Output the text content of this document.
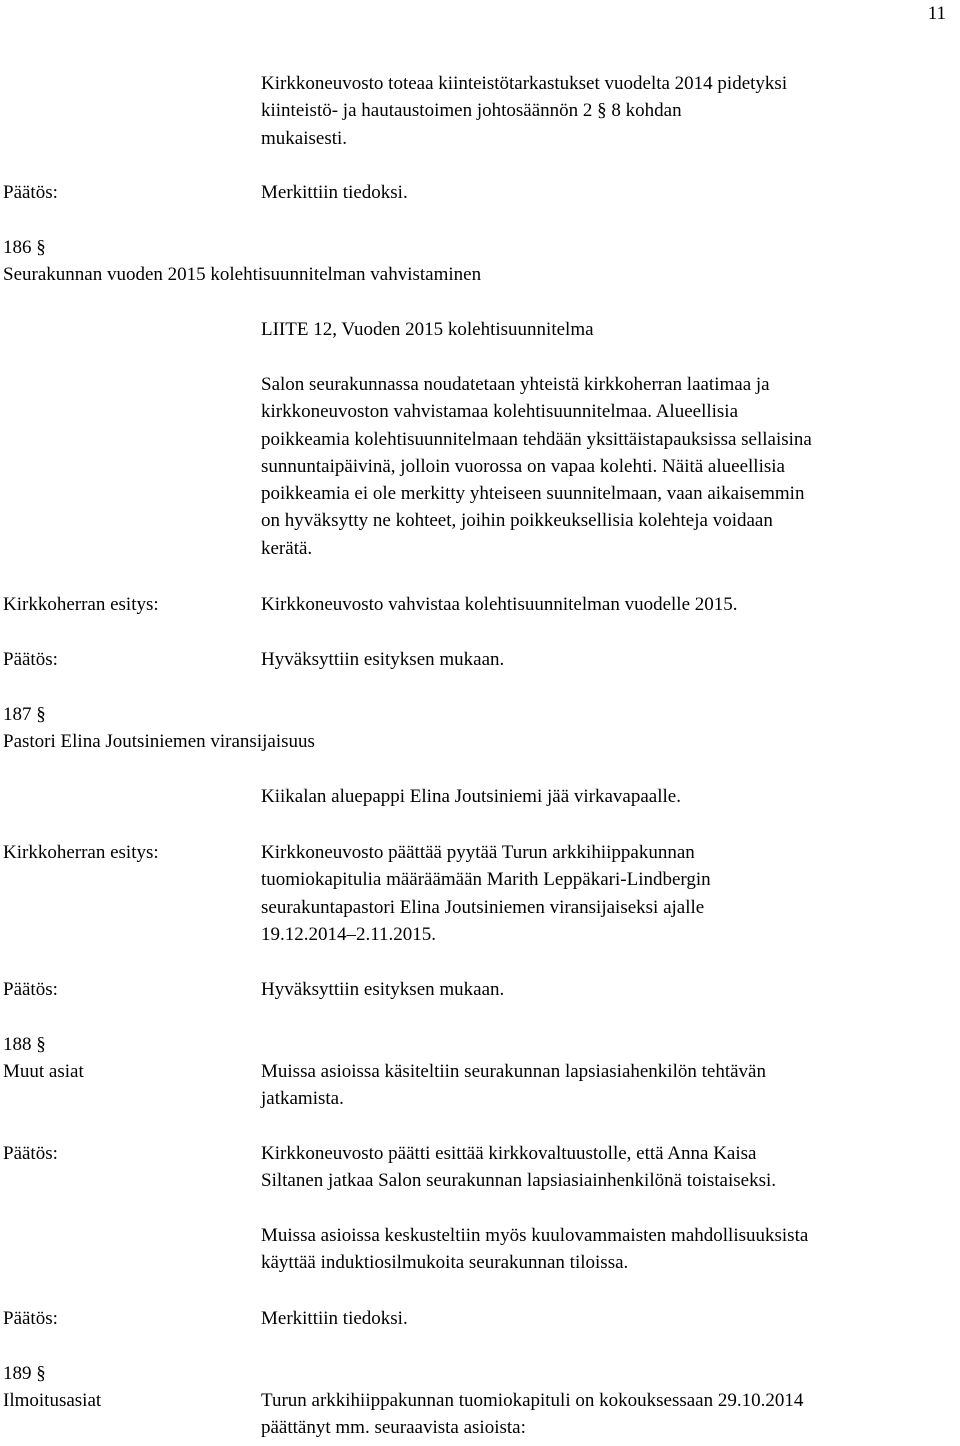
11
Kirkkoneuvosto toteaa kiinteistötarkastukset vuodelta 2014 pidetyksi
kiinteistö- ja hautaustoimen johtosäännön 2 § 8 kohdan
mukaisesti.
Päätös:	Merkittiin tiedoksi.
186 §
Seurakunnan vuoden 2015 kolehtisuunnitelman vahvistaminen
LIITE 12, Vuoden 2015 kolehtisuunnitelma
Salon seurakunnassa noudatetaan yhteistä kirkkoherran laatimaa ja
kirkkoneuvoston vahvistamaa kolehtisuunnitelmaa. Alueellisia
poikkeamia kolehtisuunnitelmaan tehdään yksittäistapauksissa sellaisina
sunnuntaipäivinä, jolloin vuorossa on vapaa kolehti. Näitä alueellisia
poikkeamia ei ole merkitty yhteiseen suunnitelmaan, vaan aikaisemmin
on hyväksytty ne kohteet, joihin poikkeuksellisia kolehteja voidaan
kerätä.
Kirkkoherran esitys:	Kirkkoneuvosto vahvistaa kolehtisuunnitelman vuodelle 2015.
Päätös:	Hyväksyttiin esityksen mukaan.
187 §
Pastori Elina Joutsiniemen viransijaisuus
Kiikalan aluepappi Elina Joutsiniemi jää virkavapaalle.
Kirkkoherran esitys:	Kirkkoneuvosto päättää pyytää Turun arkkihiippakunnan
tuomiokapitulia määräämään Marith Leppäkari-Lindbergin
seurakuntapastori Elina Joutsiniemen viransijaiseksi ajalle
19.12.2014–2.11.2015.
Päätös:	Hyväksyttiin esityksen mukaan.
188 §
Muut asiat	Muissa asioissa käsiteltiin seurakunnan lapsiasiahenkilön tehtävän
jatkamista.
Päätös:	Kirkkoneuvosto päätti esittää kirkkovaltuustolle, että Anna Kaisa
Siltanen jatkaa Salon seurakunnan lapsiasiainhenkilönä toistaiseksi.
Muissa asioissa keskusteltiin myös kuulovammaisten mahdollisuuksista
käyttää induktiosilmukoita seurakunnan tiloissa.
Päätös:	Merkittiin tiedoksi.
189 §
Ilmoitusasiat	Turun arkkihiippakunnan tuomiokapituli on kokouksessaan 29.10.2014
päättänyt mm. seuraavista asioista:
